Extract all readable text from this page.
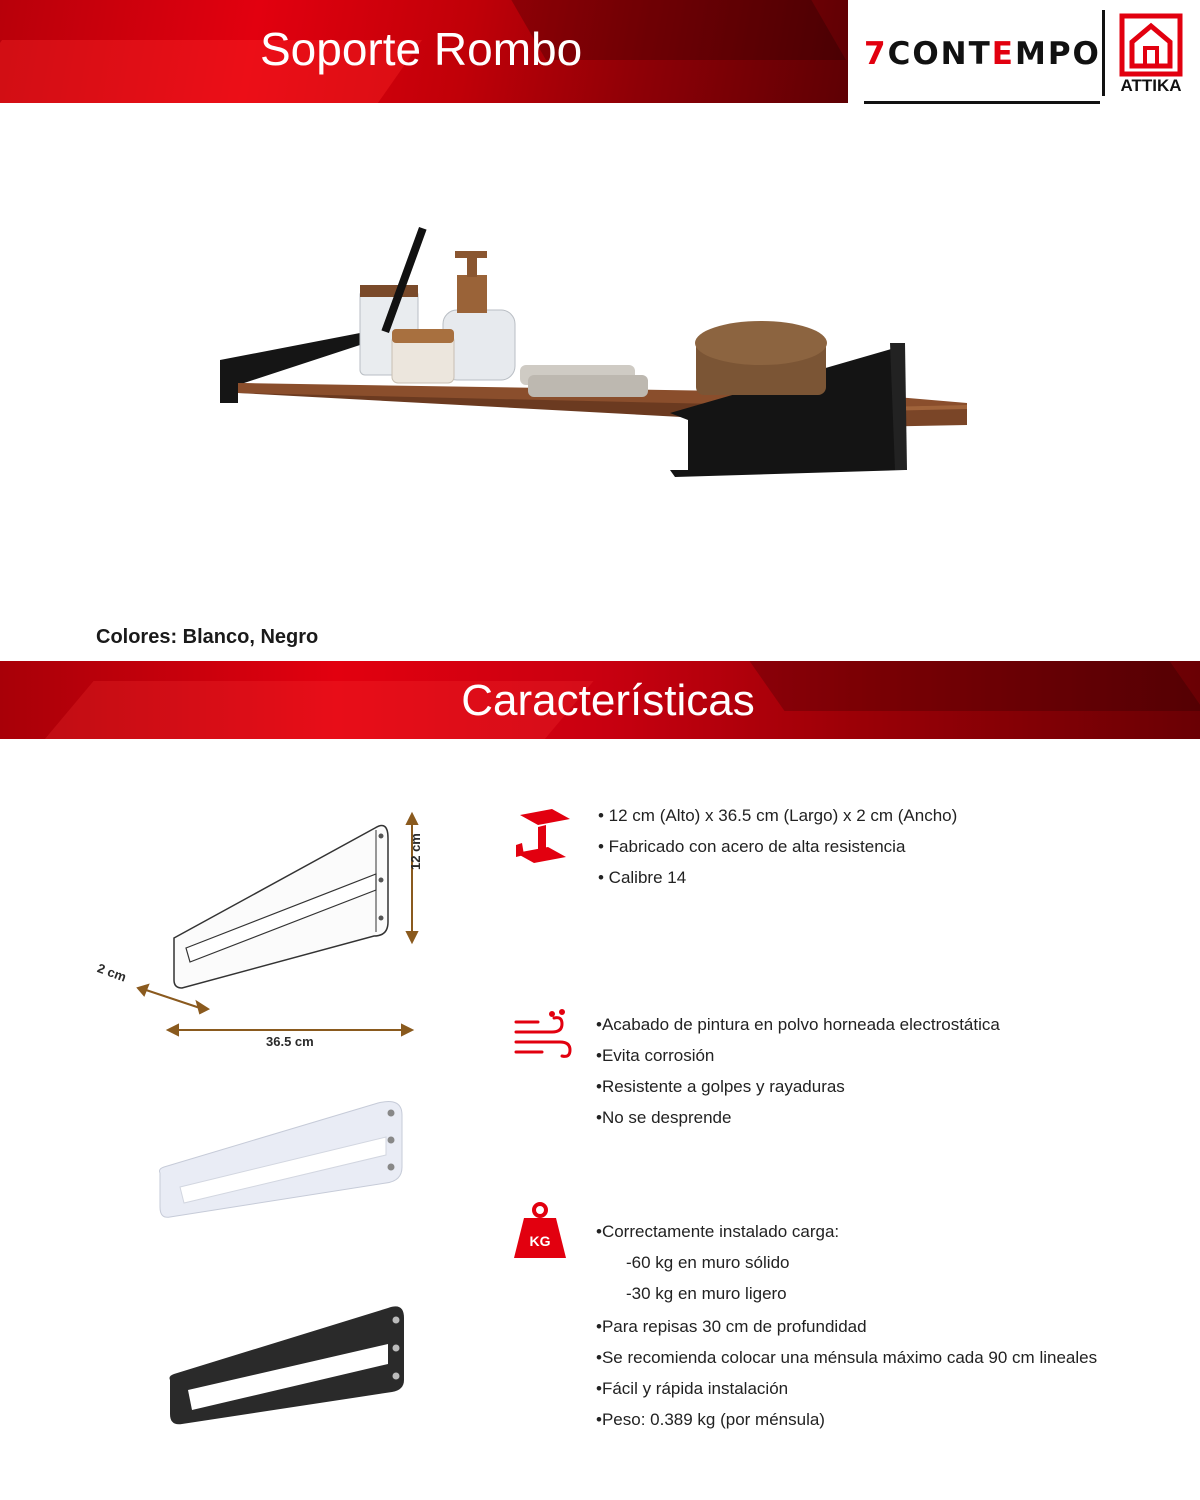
Soporte Rombo	7CONTEMPO
ATTIKA
Colores: Blanco, Negro
Características
12 cm
2 cm
36.5 cm
• 12 cm (Alto) x 36.5 cm (Largo) x 2 cm (Ancho)
• Fabricado con acero de alta resistencia
• Calibre 14
•Acabado de pintura en polvo horneada electrostática
•Evita corrosión
•Resistente a golpes y rayaduras
•No se desprende
KG	•Correctamente instalado carga:
-60 kg en muro sólido
-30 kg en muro ligero
•Para repisas 30 cm de profundidad
•Se recomienda colocar una ménsula máximo cada 90 cm lineales
•Fácil y rápida instalación
•Peso: 0.389 kg (por ménsula)
